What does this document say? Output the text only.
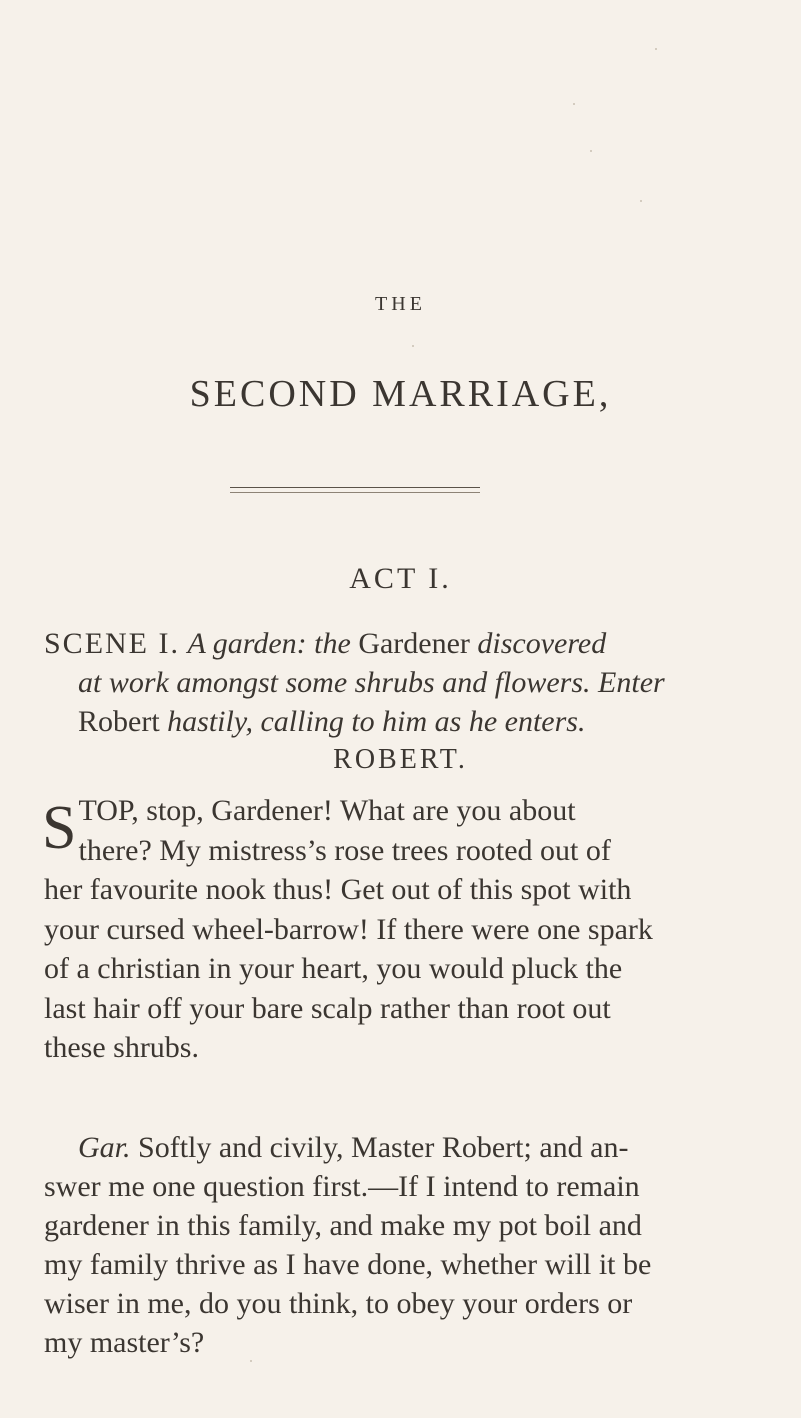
THE
SECOND MARRIAGE,
ACT I.

SCENE I. A garden: the Gardener discovered
at work amongst some shrubs and flowers. Enter
Robert hastily, calling to him as he enters.

ROBERT.
S TOP, stop, Gardener! What are you about
there? My mistress’s rose trees rooted out of
her favourite nook thus! Get out of this spot with
your cursed wheel-barrow! If there were one spark
of a christian in your heart, you would pluck the
last hair off your bare scalp rather than root out
these shrubs.
Gar. Softly and civily, Master Robert; and an-
swer me one question first.—If I intend to remain
gardener in this family, and make my pot boil and
my family thrive as I have done, whether will it be
wiser in me, do you think, to obey your orders or
my master’s?
